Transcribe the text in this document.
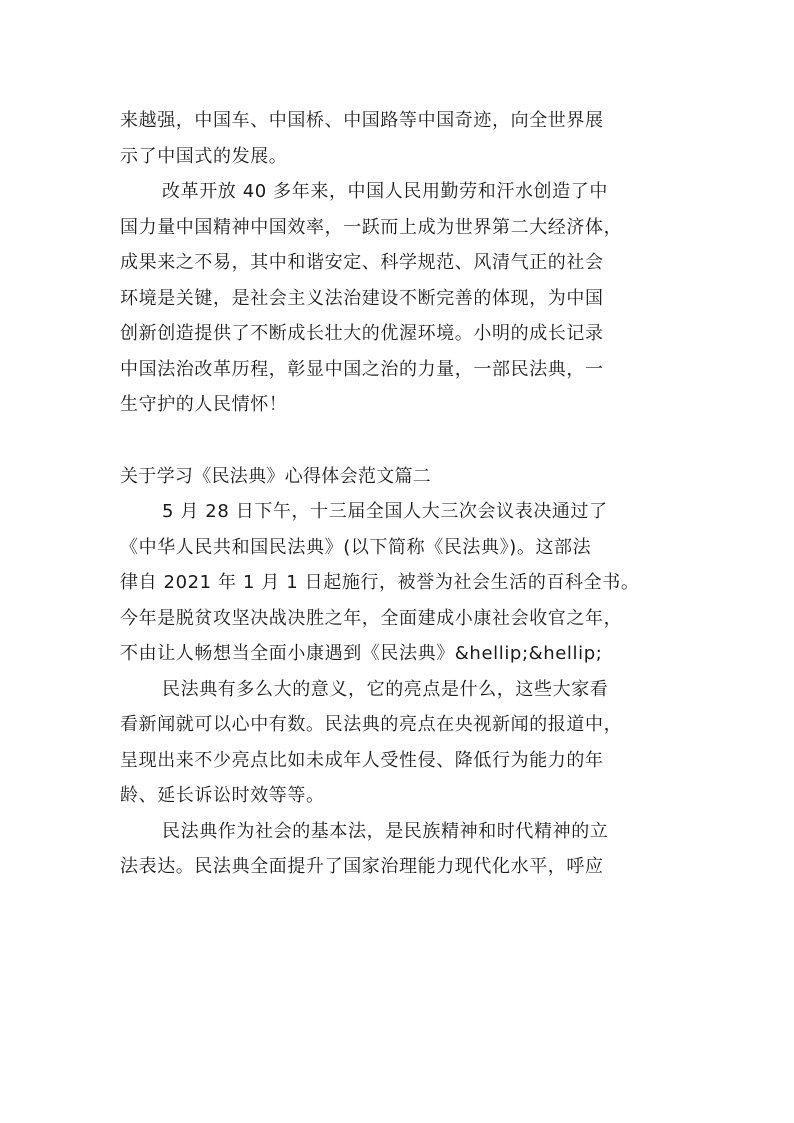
来越强，中国车、中国桥、中国路等中国奇迹，向全世界展
示了中国式的发展。
改革开放 40 多年来，中国人民用勤劳和汗水创造了中
国力量中国精神中国效率，一跃而上成为世界第二大经济体，
成果来之不易，其中和谐安定、科学规范、风清气正的社会
环境是关键，是社会主义法治建设不断完善的体现，为中国
创新创造提供了不断成长壮大的优渥环境。小明的成长记录
中国法治改革历程，彰显中国之治的力量，一部民法典，一
生守护的人民情怀！
关于学习《民法典》心得体会范文篇二
5 月 28 日下午，十三届全国人大三次会议表决通过了
《中华人民共和国民法典》(以下简称《民法典》)。这部法
律自 2021 年 1 月 1 日起施行，被誉为社会生活的百科全书。
今年是脱贫攻坚决战决胜之年，全面建成小康社会收官之年，
不由让人畅想当全面小康遇到《民法典》&hellip;&hellip;
民法典有多么大的意义，它的亮点是什么，这些大家看
看新闻就可以心中有数。民法典的亮点在央视新闻的报道中，
呈现出来不少亮点比如未成年人受性侵、降低行为能力的年
龄、延长诉讼时效等等。
民法典作为社会的基本法，是民族精神和时代精神的立
法表达。民法典全面提升了国家治理能力现代化水平，呼应
